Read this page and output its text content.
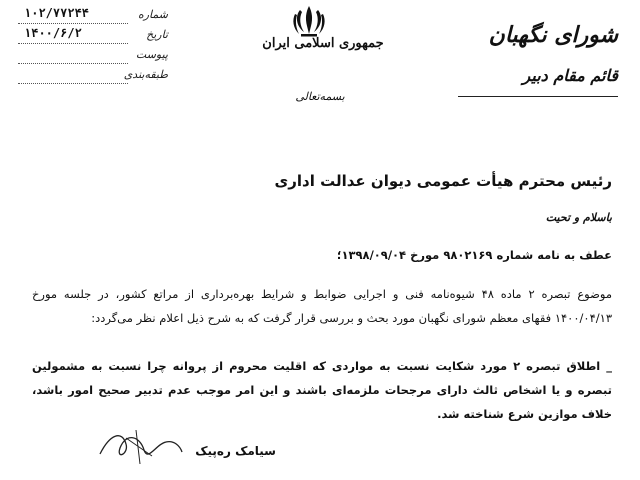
۱۰۲/۷۷۲۴۴	شماره
۱۴۰۰/۶/۲	تاریخ
پیوست
طبقه‌بندی
جمهوری اسلامی ایران
بسمه‌تعالی
شورای نگهبان
قائم مقام دبیر
رئیس محترم هیأت عمومی دیوان عدالت اداری
باسلام و تحیت
عطف به نامه شماره ۹۸۰۲۱۶۹ مورخ ۱۳۹۸/۰۹/۰۴؛
موضوع تبصره ۲ ماده ۴۸ شیوه‌نامه فنی و اجرایی ضوابط و شرایط بهره‌برداری از مراتع کشور، در جلسه مورخ ۱۴۰۰/۰۴/۱۳ فقهای معظم شورای نگهبان مورد بحث و بررسی قرار گرفت که به شرح ذیل اعلام نظر می‌گردد:
_ اطلاق تبصره ۲ مورد شکایت نسبت به مواردی که اقلیت محروم از پروانه چرا نسبت به مشمولین تبصره و یا اشخاص ثالث دارای مرجحات ملزمه‌ای باشند و این امر موجب عدم تدبیر صحیح امور باشد، خلاف موازین شرع شناخته شد.
سیامک ره‌پیک
